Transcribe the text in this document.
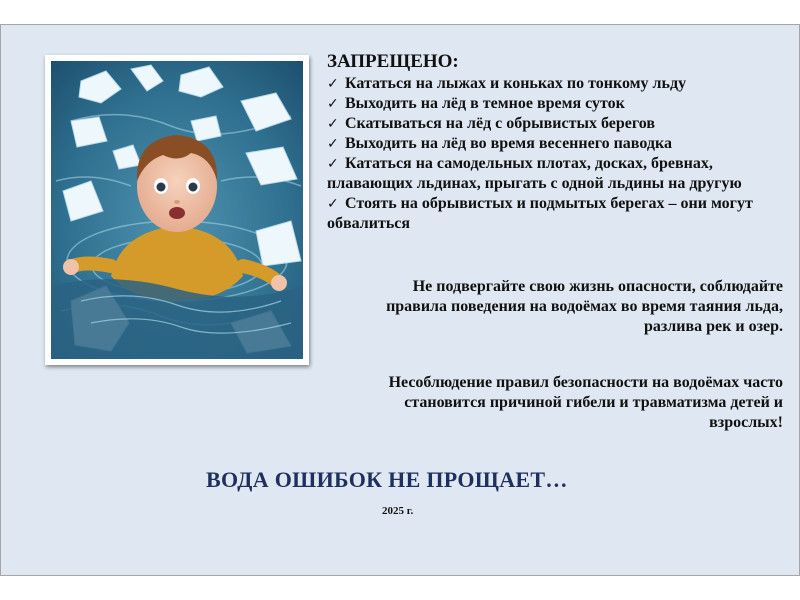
ЗАПРЕЩЕНО:
✓ Кататься на лыжах и коньках по тонкому льду
✓ Выходить на лёд в темное время суток
✓ Скатываться на лёд с обрывистых берегов
✓ Выходить на лёд во время весеннего паводка
✓ Кататься на самодельных плотах, досках, бревнах, плавающих льдинах, прыгать с одной льдины на другую
✓ Стоять на обрывистых и подмытых берегах – они могут обвалиться
Не подвергайте свою жизнь опасности, соблюдайте правила поведения на водоёмах во время таяния льда, разлива рек и озер.
Несоблюдение правил безопасности на водоёмах часто становится причиной гибели и травматизма детей и взрослых!
ВОДА ОШИБОК НЕ ПРОЩАЕТ…
2025 г.
